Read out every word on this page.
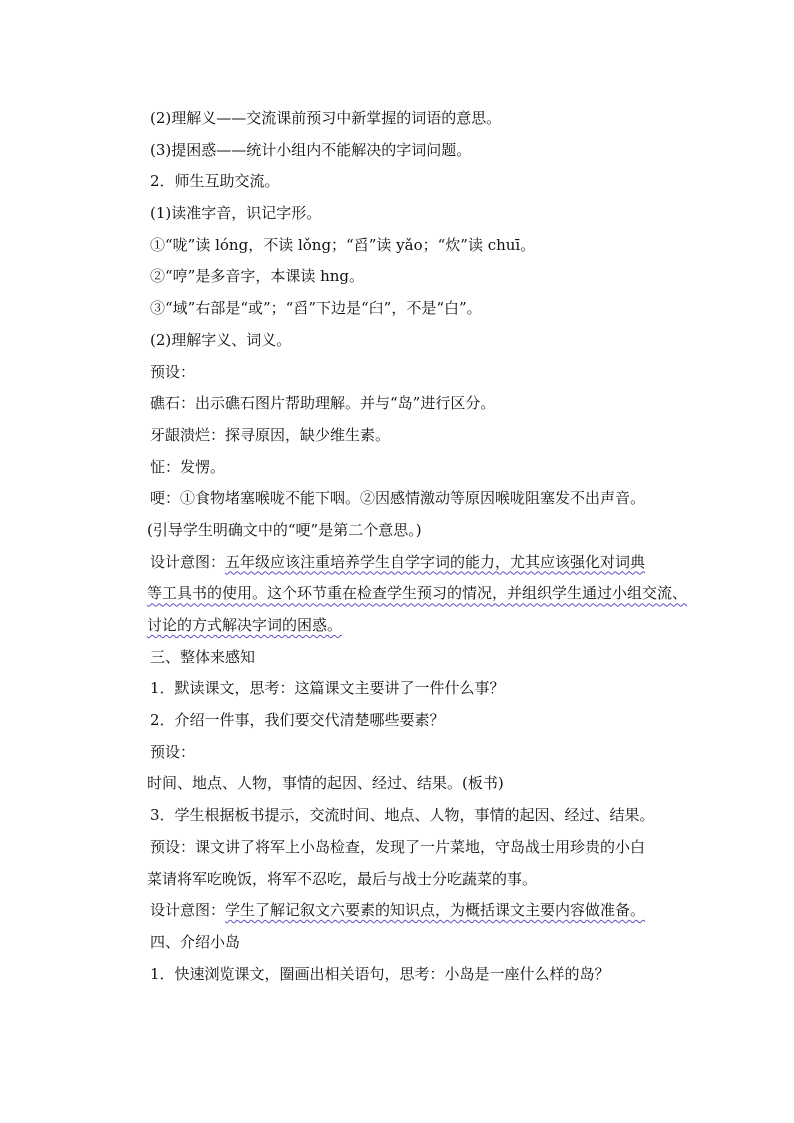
(2)理解义——交流课前预习中新掌握的词语的意思。
(3)提困惑——统计小组内不能解决的字词问题。
2．师生互助交流。
(1)读准字音，识记字形。
①“咙”读 lóng，不读 lǒng；“舀”读 yǎo；“炊”读 chuī。
②“哼”是多音字，本课读 hng。
③“域”右部是“或”；“舀”下边是“臼”，不是“白”。
(2)理解字义、词义。
预设：
礁石：出示礁石图片帮助理解。并与“岛”进行区分。
牙龈溃烂：探寻原因，缺少维生素。
怔：发愣。
哽：①食物堵塞喉咙不能下咽。②因感情激动等原因喉咙阻塞发不出声音。
(引导学生明确文中的“哽”是第二个意思。)
设计意图：五年级应该注重培养学生自学字词的能力，尤其应该强化对词典
等工具书的使用。这个环节重在检查学生预习的情况，并组织学生通过小组交流、
讨论的方式解决字词的困惑。
三、整体来感知
1．默读课文，思考：这篇课文主要讲了一件什么事？
2．介绍一件事，我们要交代清楚哪些要素？
预设：
时间、地点、人物，事情的起因、经过、结果。(板书)
3．学生根据板书提示，交流时间、地点、人物，事情的起因、经过、结果。
预设：课文讲了将军上小岛检查，发现了一片菜地，守岛战士用珍贵的小白
菜请将军吃晚饭，将军不忍吃，最后与战士分吃蔬菜的事。
设计意图：学生了解记叙文六要素的知识点，为概括课文主要内容做准备。
四、介绍小岛
1．快速浏览课文，圈画出相关语句，思考：小岛是一座什么样的岛？
